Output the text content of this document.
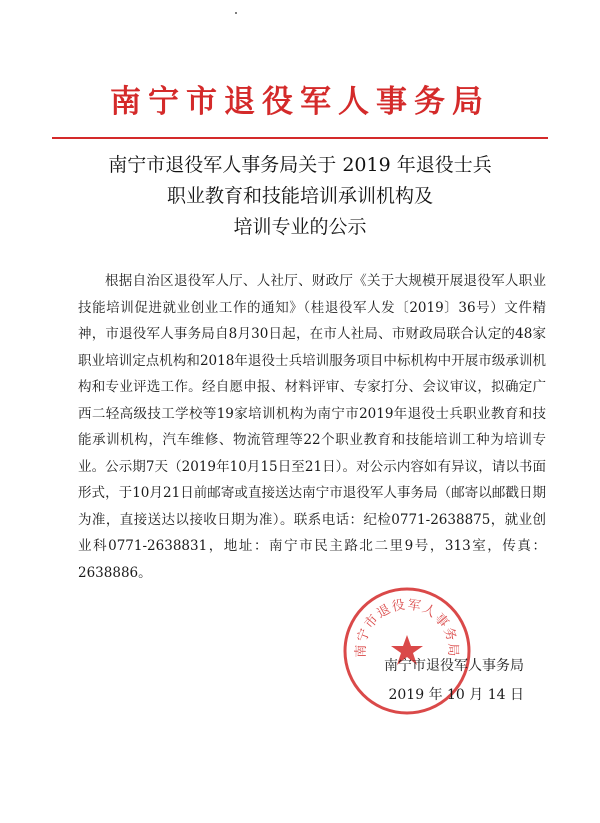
南宁市退役军人事务局
南宁市退役军人事务局关于 2019 年退役士兵
职业教育和技能培训承训机构及
培训专业的公示

根据自治区退役军人厅、人社厅、财政厅《关于大规模开展退役军人职业技能培训促进就业创业工作的通知》（桂退役军人发〔2019〕36号）文件精神，市退役军人事务局自8月30日起，在市人社局、市财政局联合认定的48家职业培训定点机构和2018年退役士兵培训服务项目中标机构中开展市级承训机构和专业评选工作。经自愿申报、材料评审、专家打分、会议审议，拟确定广西二轻高级技工学校等19家培训机构为南宁市2019年退役士兵职业教育和技能承训机构，汽车维修、物流管理等22个职业教育和技能培训工种为培训专业。公示期7天（2019年10月15日至21日）。对公示内容如有异议，请以书面形式，于10月21日前邮寄或直接送达南宁市退役军人事务局（邮寄以邮戳日期为准，直接送达以接收日期为准）。联系电话：纪检0771-2638875，就业创业科0771-2638831，地址：南宁市民主路北二里9号，313室，传真：2638886。

南宁市退役军人事务局
南宁市退役军人事务局
2019 年 10 月 14 日
